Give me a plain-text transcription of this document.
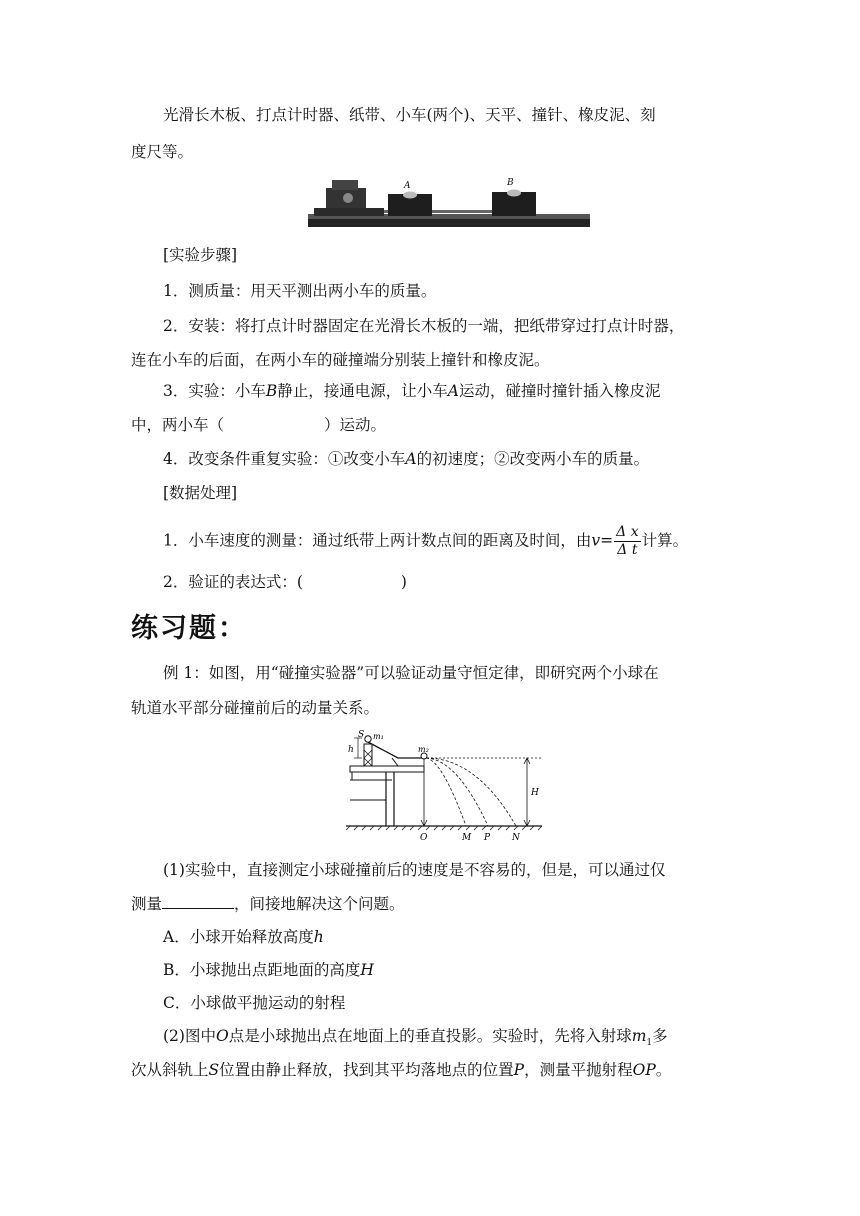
光滑长木板、打点计时器、纸带、小车(两个)、天平、撞针、橡皮泥、刻
度尺等。
A	B
[实验步骤]
1．测质量：用天平测出两小车的质量。
2．安装：将打点计时器固定在光滑长木板的一端，把纸带穿过打点计时器，
连在小车的后面，在两小车的碰撞端分别装上撞针和橡皮泥。
3．实验：小车B静止，接通电源，让小车A运动，碰撞时撞针插入橡皮泥
中，两小车（	）运动。
4．改变条件重复实验：①改变小车A的初速度；②改变两小车的质量。
[数据处理]
1．小车速度的测量：通过纸带上两计数点间的距离及时间，由$v= \frac{\text{Δ x}}{\text{Δ t}}$ 计算。
2．验证的表达式：(	)
练习题：
例 1：如图，用“碰撞实验器”可以验证动量守恒定律，即研究两个小球在
轨道水平部分碰撞前后的动量关系。
S m₁
m₂
h
H
O	M P N
(1)实验中，直接测定小球碰撞前后的速度是不容易的，但是，可以通过仅
测量	，间接地解决这个问题。
A．小球开始释放高度h
B．小球抛出点距地面的高度H
C．小球做平抛运动的射程
(2)图中O点是小球抛出点在地面上的垂直投影。实验时，先将入射球$m_1$多
次从斜轨上S位置由静止释放，找到其平均落地点的位置P，测量平抛射程OP。
